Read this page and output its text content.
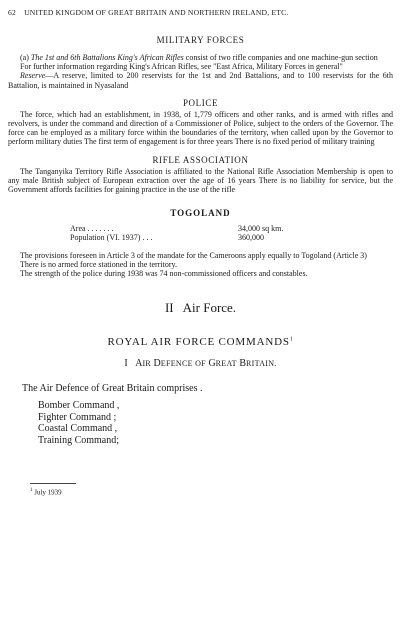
62 UNITED KINGDOM OF GREAT BRITAIN AND NORTHERN IRELAND, ETC.
MILITARY FORCES

(a) The 1st and 6th Battalions King's African Rifles consist of two rifle companies and one machine-gun section

For further information regarding King's African Rifles, see "East Africa, Military Forces in general"

Reserve—A reserve, limited to 200 reservists for the 1st and 2nd Battalions, and to 100 reservists for the 6th Battalion, is maintained in Nyasaland

POLICE

The force, which had an establishment, in 1938, of 1,779 officers and other ranks, and is armed with rifles and revolvers, is under the command and direction of a Commissioner of Police, subject to the orders of the Governor. The force can be employed as a military force within the boundaries of the territory, when called upon by the Governor to perform military duties The first term of engagement is for three years There is no fixed period of military training

RIFLE ASSOCIATION

The Tanganyika Territory Rifle Association is affiliated to the National Rifle Association Membership is open to any male British subject of European extraction over the age of 16 years There is no liability for service, but the Government affords facilities for gaining practice in the use of the rifle

TOGOLAND
Area . . . . . . .	34,000 sq km.
Population (VI. 1937) . . .	360,000

The provisions foreseen in Article 3 of the mandate for the Cameroons apply equally to Togoland (Article 3)

There is no armed force stationed in the territory.

The strength of the police during 1938 was 74 non-commissioned officers and constables.

II   Air Force.
ROYAL AIR FORCE COMMANDS$^1$
I AIR DEFENCE OF GREAT BRITAIN.
The Air Defence of Great Britain comprises .
Bomber Command ,
Fighter Command ;
Coastal Command ,
Training Command;
$^1$ July 1939
